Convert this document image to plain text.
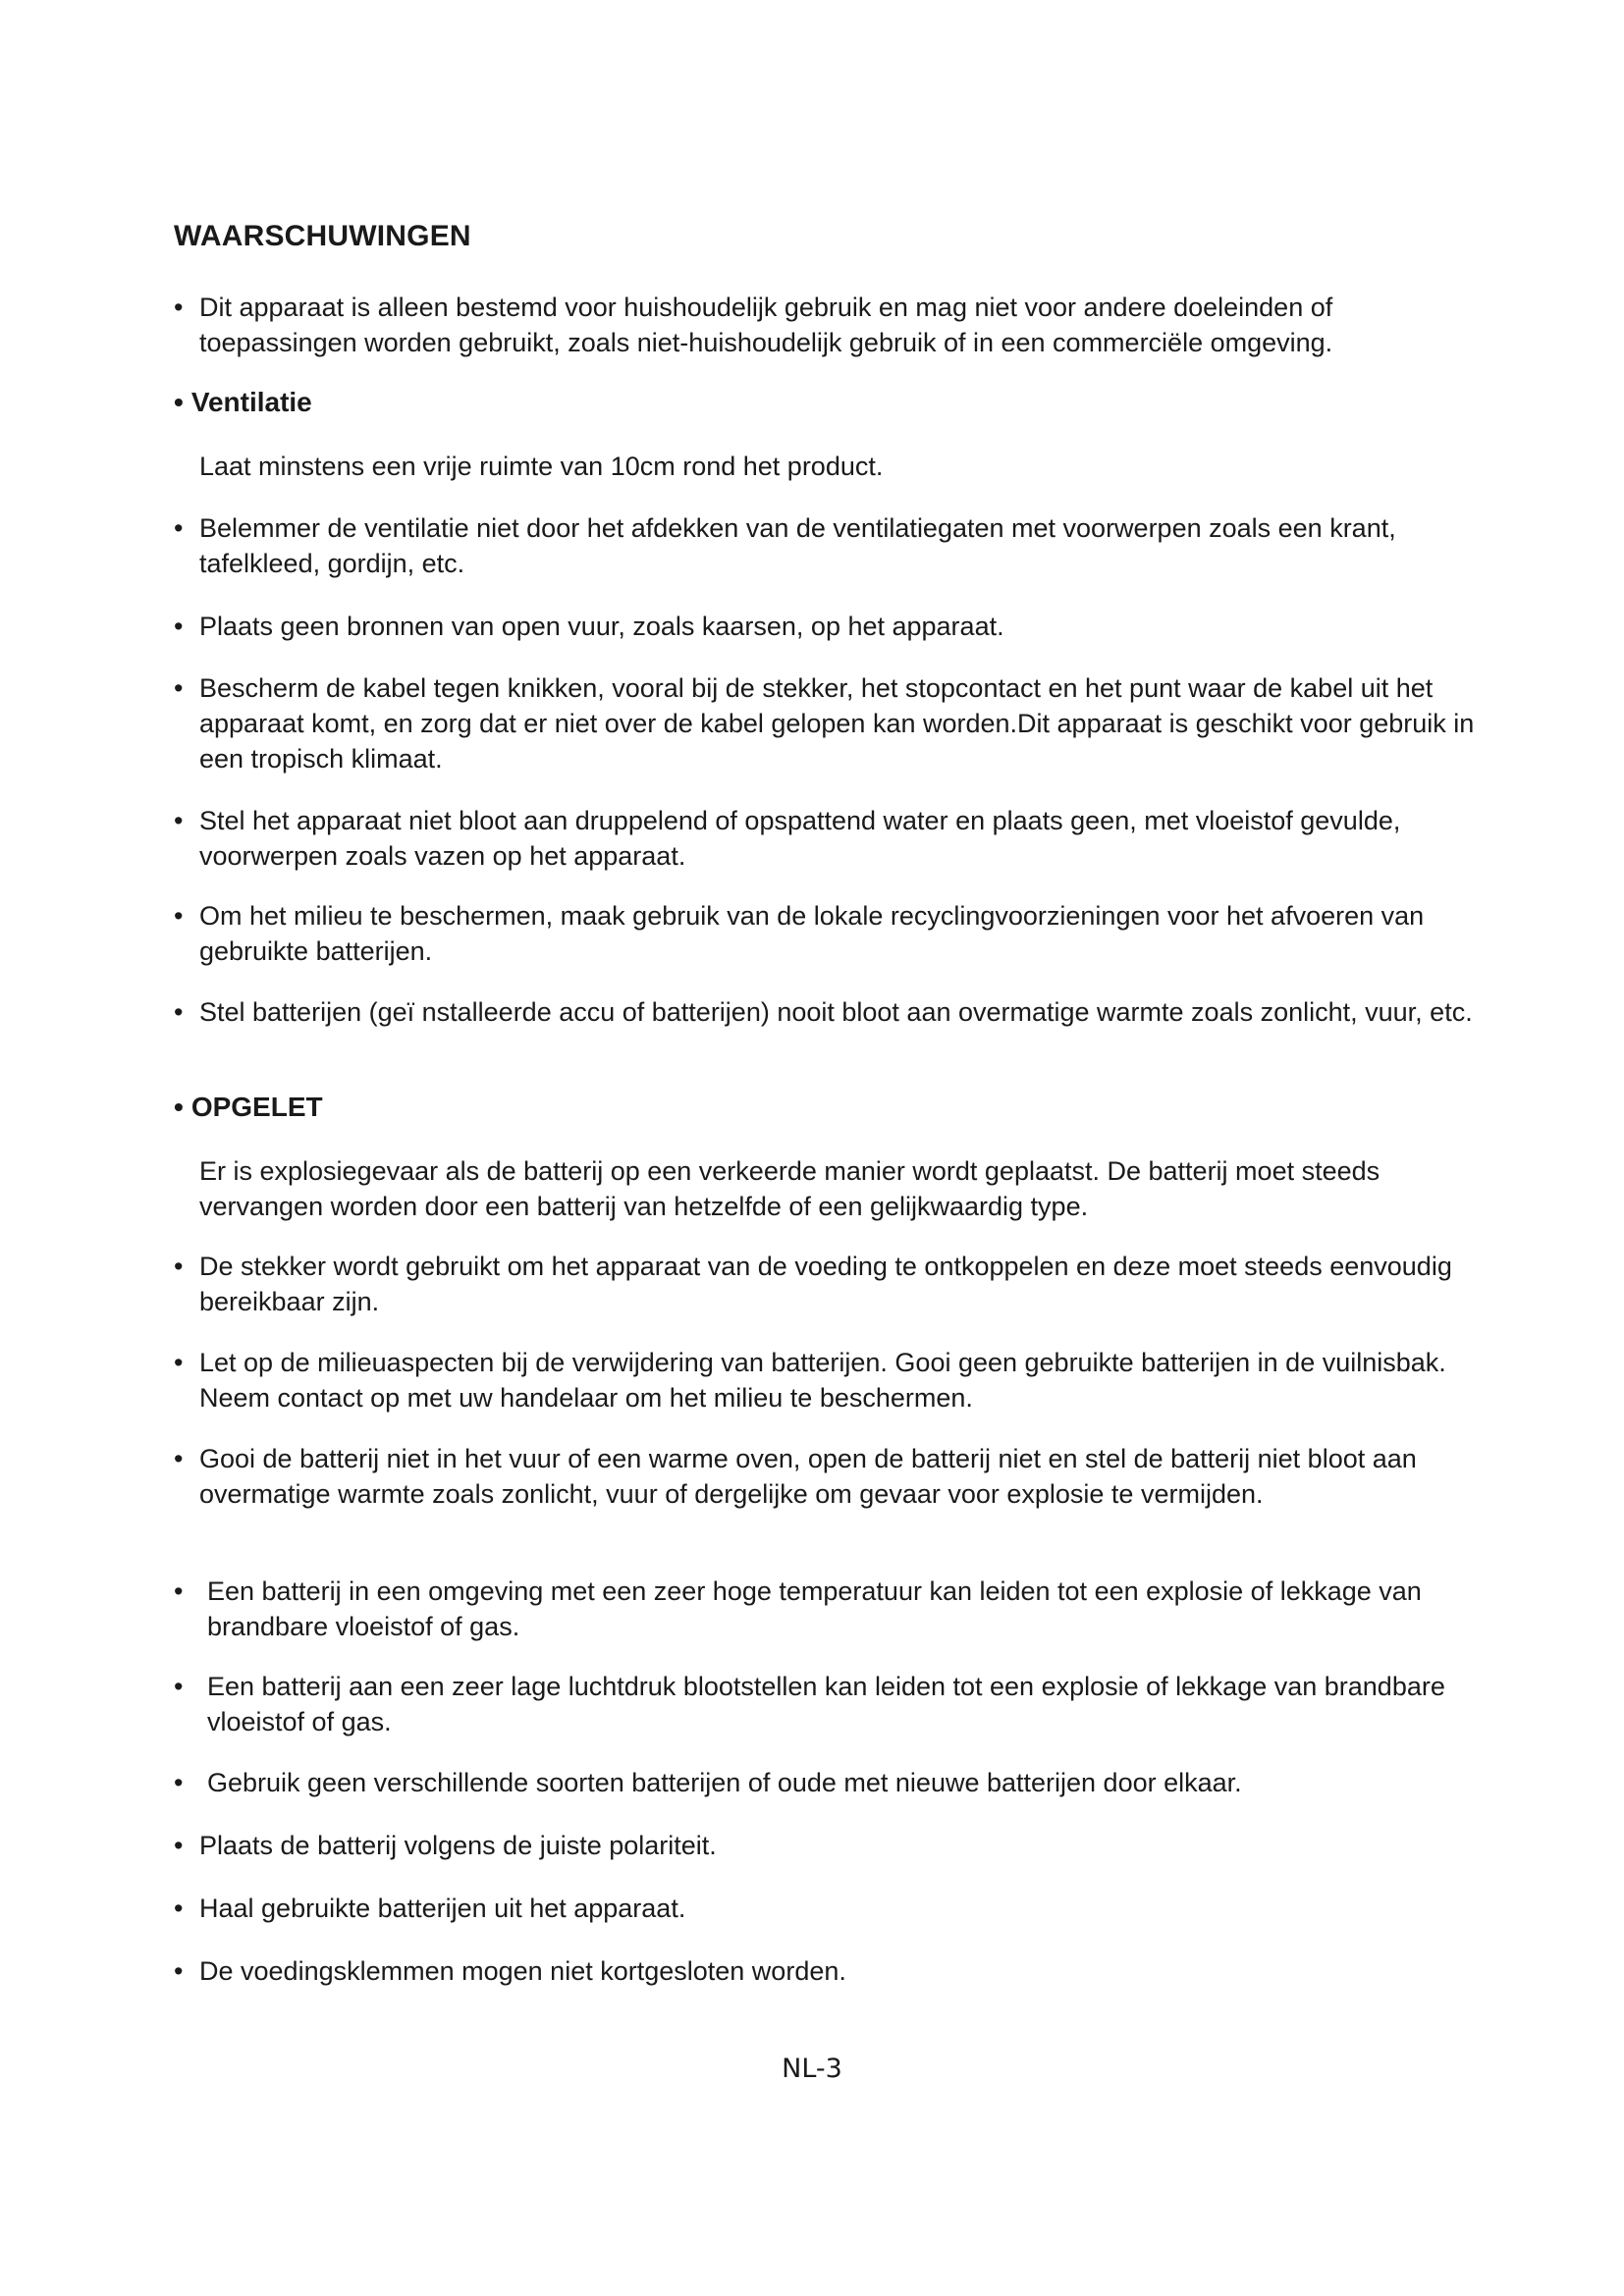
WAARSCHUWINGEN
• Dit apparaat is alleen bestemd voor huishoudelijk gebruik en mag niet voor andere doeleinden of toepassingen worden gebruikt, zoals niet-huishoudelijk gebruik of in een commerciële omgeving.
• Ventilatie
Laat minstens een vrije ruimte van 10cm rond het product.
• Belemmer de ventilatie niet door het afdekken van de ventilatiegaten met voorwerpen zoals een krant, tafelkleed, gordijn, etc.
• Plaats geen bronnen van open vuur, zoals kaarsen, op het apparaat.
• Bescherm de kabel tegen knikken, vooral bij de stekker, het stopcontact en het punt waar de kabel uit het apparaat komt, en zorg dat er niet over de kabel gelopen kan worden.Dit apparaat is geschikt voor gebruik in een tropisch klimaat.
• Stel het apparaat niet bloot aan druppelend of opspattend water en plaats geen, met vloeistof gevulde, voorwerpen zoals vazen op het apparaat.
• Om het milieu te beschermen, maak gebruik van de lokale recyclingvoorzieningen voor het afvoeren van gebruikte batterijen.
• Stel batterijen (geï nstalleerde accu of batterijen) nooit bloot aan overmatige warmte zoals zonlicht, vuur, etc.
• OPGELET
Er is explosiegevaar als de batterij op een verkeerde manier wordt geplaatst. De batterij moet steeds vervangen worden door een batterij van hetzelfde of een gelijkwaardig type.
• De stekker wordt gebruikt om het apparaat van de voeding te ontkoppelen en deze moet steeds eenvoudig bereikbaar zijn.
• Let op de milieuaspecten bij de verwijdering van batterijen. Gooi geen gebruikte batterijen in de vuilnisbak. Neem contact op met uw handelaar om het milieu te beschermen.
• Gooi de batterij niet in het vuur of een warme oven, open de batterij niet en stel de batterij niet bloot aan overmatige warmte zoals zonlicht, vuur of dergelijke om gevaar voor explosie te vermijden.
• Een batterij in een omgeving met een zeer hoge temperatuur kan leiden tot een explosie of lekkage van brandbare vloeistof of gas.
• Een batterij aan een zeer lage luchtdruk blootstellen kan leiden tot een explosie of lekkage van brandbare vloeistof of gas.
• Gebruik geen verschillende soorten batterijen of oude met nieuwe batterijen door elkaar.
• Plaats de batterij volgens de juiste polariteit.
• Haal gebruikte batterijen uit het apparaat.
• De voedingsklemmen mogen niet kortgesloten worden.
NL-3
